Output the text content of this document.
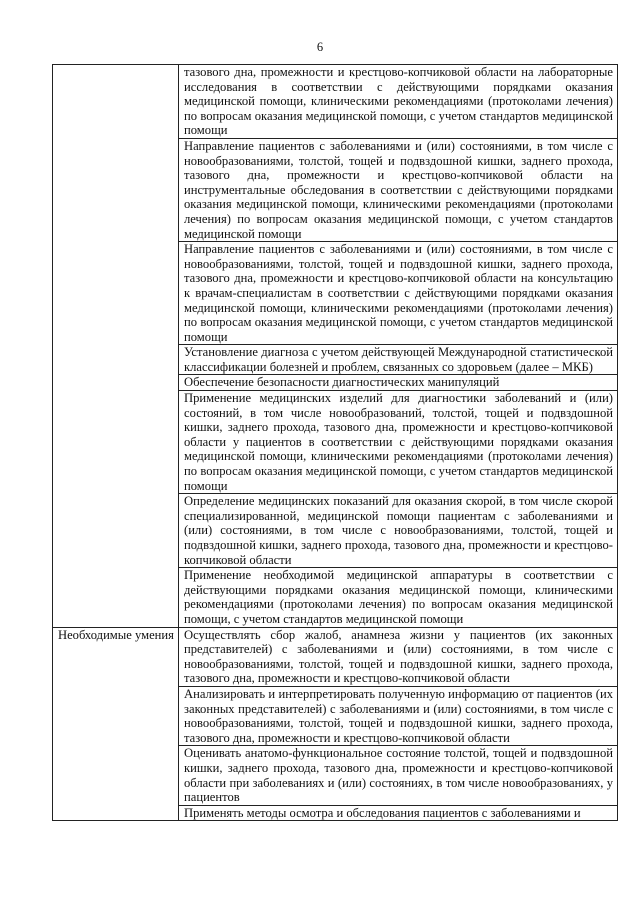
6

	тазового дна, промежности и крестцово-копчиковой области на лабораторные исследования в соответствии с действующими порядками оказания медицинской помощи, клиническими рекомендациями (протоколами лечения) по вопросам оказания медицинской помощи, с учетом стандартов медицинской помощи

	Направление пациентов с заболеваниями и (или) состояниями, в том числе с новообразованиями, толстой, тощей и подвздошной кишки, заднего прохода, тазового дна, промежности и крестцово-копчиковой области на инструментальные обследования в соответствии с действующими порядками оказания медицинской помощи, клиническими рекомендациями (протоколами лечения) по вопросам оказания медицинской помощи, с учетом стандартов медицинской помощи

	Направление пациентов с заболеваниями и (или) состояниями, в том числе с новообразованиями, толстой, тощей и подвздошной кишки, заднего прохода, тазового дна, промежности и крестцово-копчиковой области на консультацию к врачам-специалистам в соответствии с действующими порядками оказания медицинской помощи, клиническими рекомендациями (протоколами лечения) по вопросам оказания медицинской помощи, с учетом стандартов медицинской помощи

	Установление диагноза с учетом действующей Международной статистической классификации болезней и проблем, связанных со здоровьем (далее – МКБ)

	Обеспечение безопасности диагностических манипуляций

	Применение медицинских изделий для диагностики заболеваний и (или) состояний, в том числе новообразований, толстой, тощей и подвздошной кишки, заднего прохода, тазового дна, промежности и крестцово-копчиковой области у пациентов в соответствии с действующими порядками оказания медицинской помощи, клиническими рекомендациями (протоколами лечения) по вопросам оказания медицинской помощи, с учетом стандартов медицинской помощи

	Определение медицинских показаний для оказания скорой, в том числе скорой специализированной, медицинской помощи пациентам с заболеваниями и (или) состояниями, в том числе с новообразованиями, толстой, тощей и подвздошной кишки, заднего прохода, тазового дна, промежности и крестцово-копчиковой области

	Применение необходимой медицинской аппаратуры в соответствии с действующими порядками оказания медицинской помощи, клиническими рекомендациями (протоколами лечения) по вопросам оказания медицинской помощи, с учетом стандартов медицинской помощи

Необходимые умения	Осуществлять сбор жалоб, анамнеза жизни у пациентов (их законных представителей) с заболеваниями и (или) состояниями, в том числе с новообразованиями, толстой, тощей и подвздошной кишки, заднего прохода, тазового дна, промежности и крестцово-копчиковой области

	Анализировать и интерпретировать полученную информацию от пациентов (их законных представителей) с заболеваниями и (или) состояниями, в том числе с новообразованиями, толстой, тощей и подвздошной кишки, заднего прохода, тазового дна, промежности и крестцово-копчиковой области

	Оценивать анатомо-функциональное состояние толстой, тощей и подвздошной кишки, заднего прохода, тазового дна, промежности и крестцово-копчиковой области при заболеваниях и (или) состояниях, в том числе новообразованиях, у пациентов

	Применять методы осмотра и обследования пациентов с заболеваниями и
